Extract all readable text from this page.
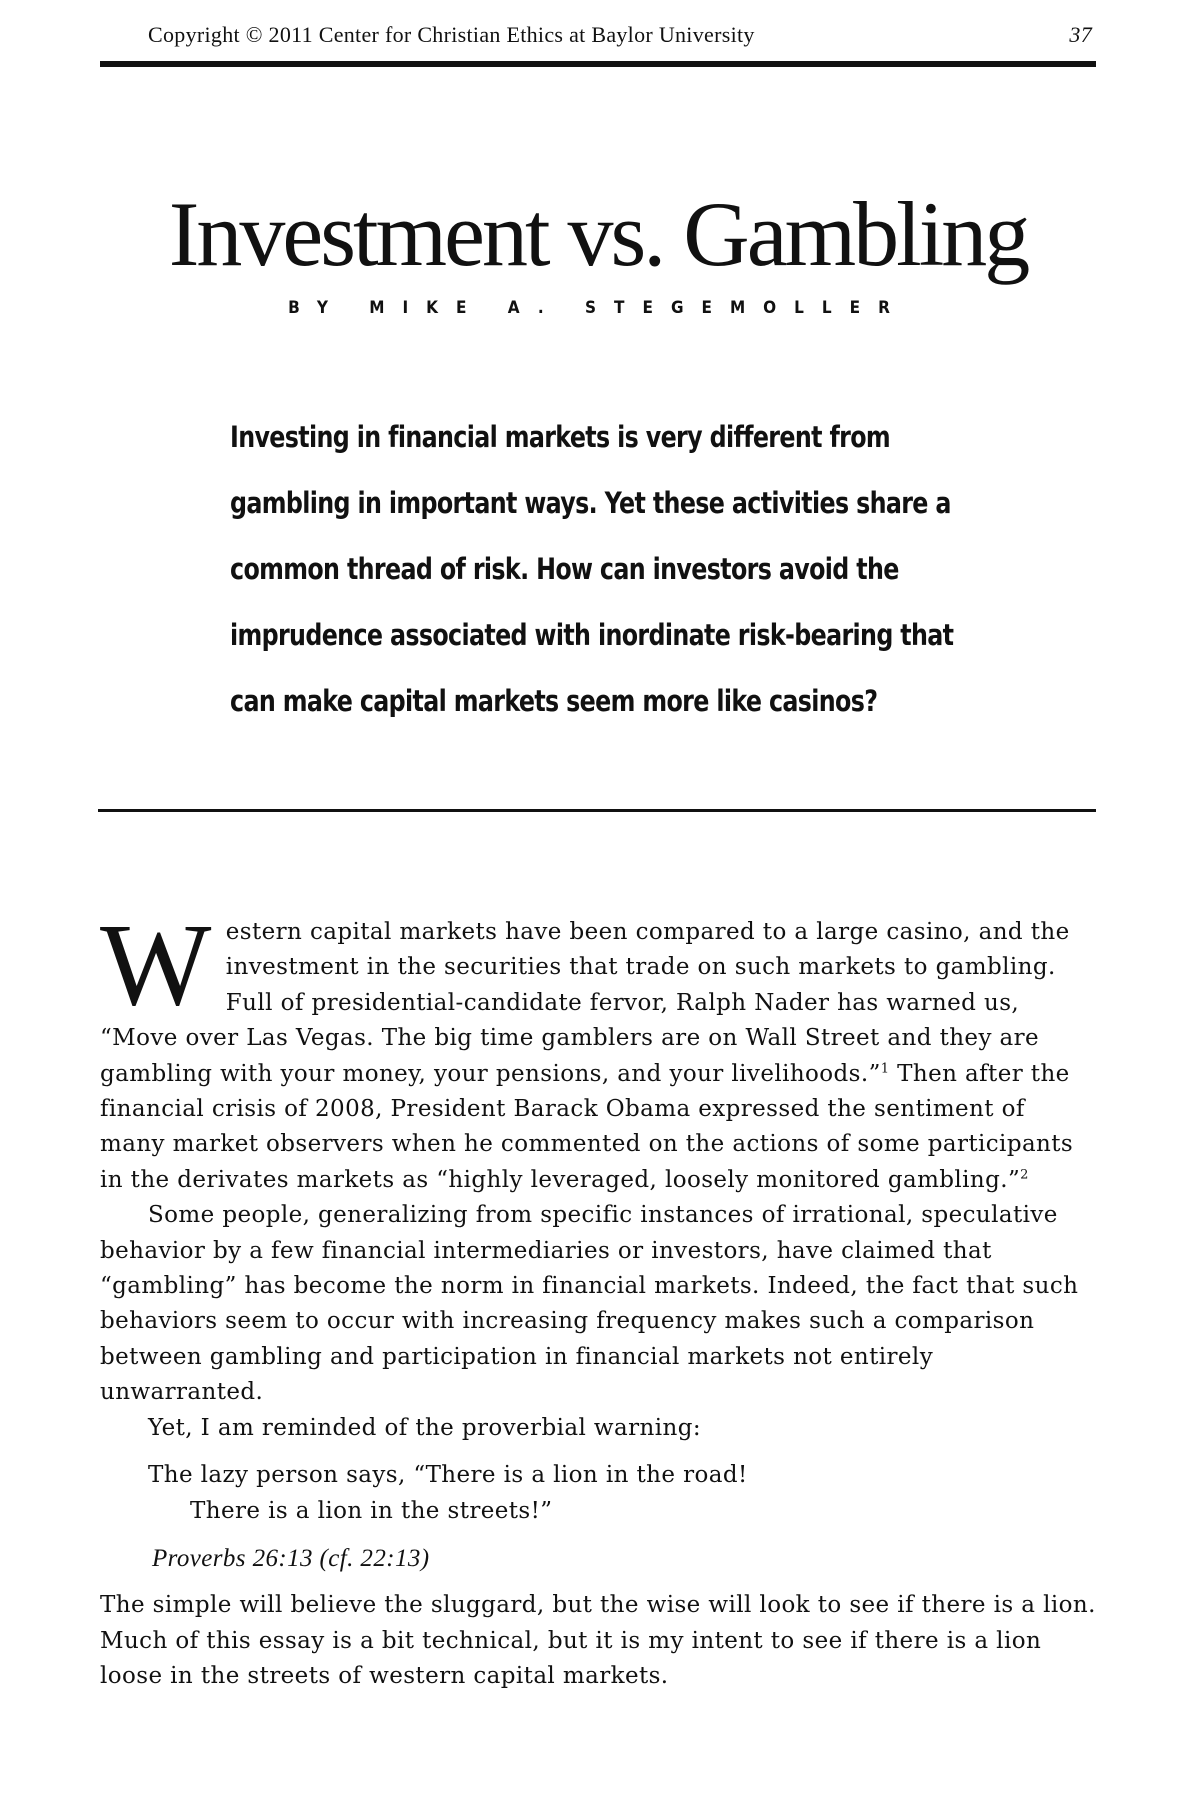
Copyright © 2011 Center for Christian Ethics at Baylor University	37
Investment vs. Gambling
BY MIKE A. STEGEMOLLER
Investing in financial markets is very different from gambling in important ways. Yet these activities share a common thread of risk. How can investors avoid the imprudence associated with inordinate risk-bearing that can make capital markets seem more like casinos?

Western capital markets have been compared to a large casino, and the investment in the securities that trade on such markets to gambling. Full of presidential-candidate fervor, Ralph Nader has warned us, “Move over Las Vegas. The big time gamblers are on Wall Street and they are gambling with your money, your pensions, and your livelihoods.”$^1$ Then after the financial crisis of 2008, President Barack Obama expressed the sentiment of many market observers when he commented on the actions of some participants in the derivates markets as “highly leveraged, loosely monitored gambling.”$^2$

Some people, generalizing from specific instances of irrational, speculative behavior by a few financial intermediaries or investors, have claimed that “gambling” has become the norm in financial markets. Indeed, the fact that such behaviors seem to occur with increasing frequency makes such a comparison between gambling and participation in financial markets not entirely unwarranted.

Yet, I am reminded of the proverbial warning:

The lazy person says, “There is a lion in the road!
There is a lion in the streets!”

Proverbs 26:13 (cf. 22:13)

The simple will believe the sluggard, but the wise will look to see if there is a lion. Much of this essay is a bit technical, but it is my intent to see if there is a lion loose in the streets of western capital markets.
